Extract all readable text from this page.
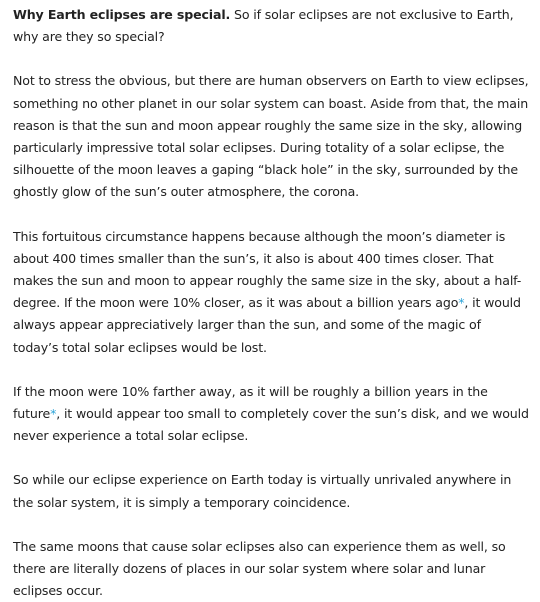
Why Earth eclipses are special. So if solar eclipses are not exclusive to Earth, why are they so special?

Not to stress the obvious, but there are human observers on Earth to view eclipses, something no other planet in our solar system can boast. Aside from that, the main reason is that the sun and moon appear roughly the same size in the sky, allowing particularly impressive total solar eclipses. During totality of a solar eclipse, the silhouette of the moon leaves a gaping “black hole” in the sky, surrounded by the ghostly glow of the sun’s outer atmosphere, the corona.

This fortuitous circumstance happens because although the moon’s diameter is about 400 times smaller than the sun’s, it also is about 400 times closer. That makes the sun and moon to appear roughly the same size in the sky, about a half-degree. If the moon were 10% closer, as it was about a billion years ago*, it would always appear appreciatively larger than the sun, and some of the magic of today’s total solar eclipses would be lost.

If the moon were 10% farther away, as it will be roughly a billion years in the future*, it would appear too small to completely cover the sun’s disk, and we would never experience a total solar eclipse.

So while our eclipse experience on Earth today is virtually unrivaled anywhere in the solar system, it is simply a temporary coincidence.

The same moons that cause solar eclipses also can experience them as well, so there are literally dozens of places in our solar system where solar and lunar eclipses occur.
